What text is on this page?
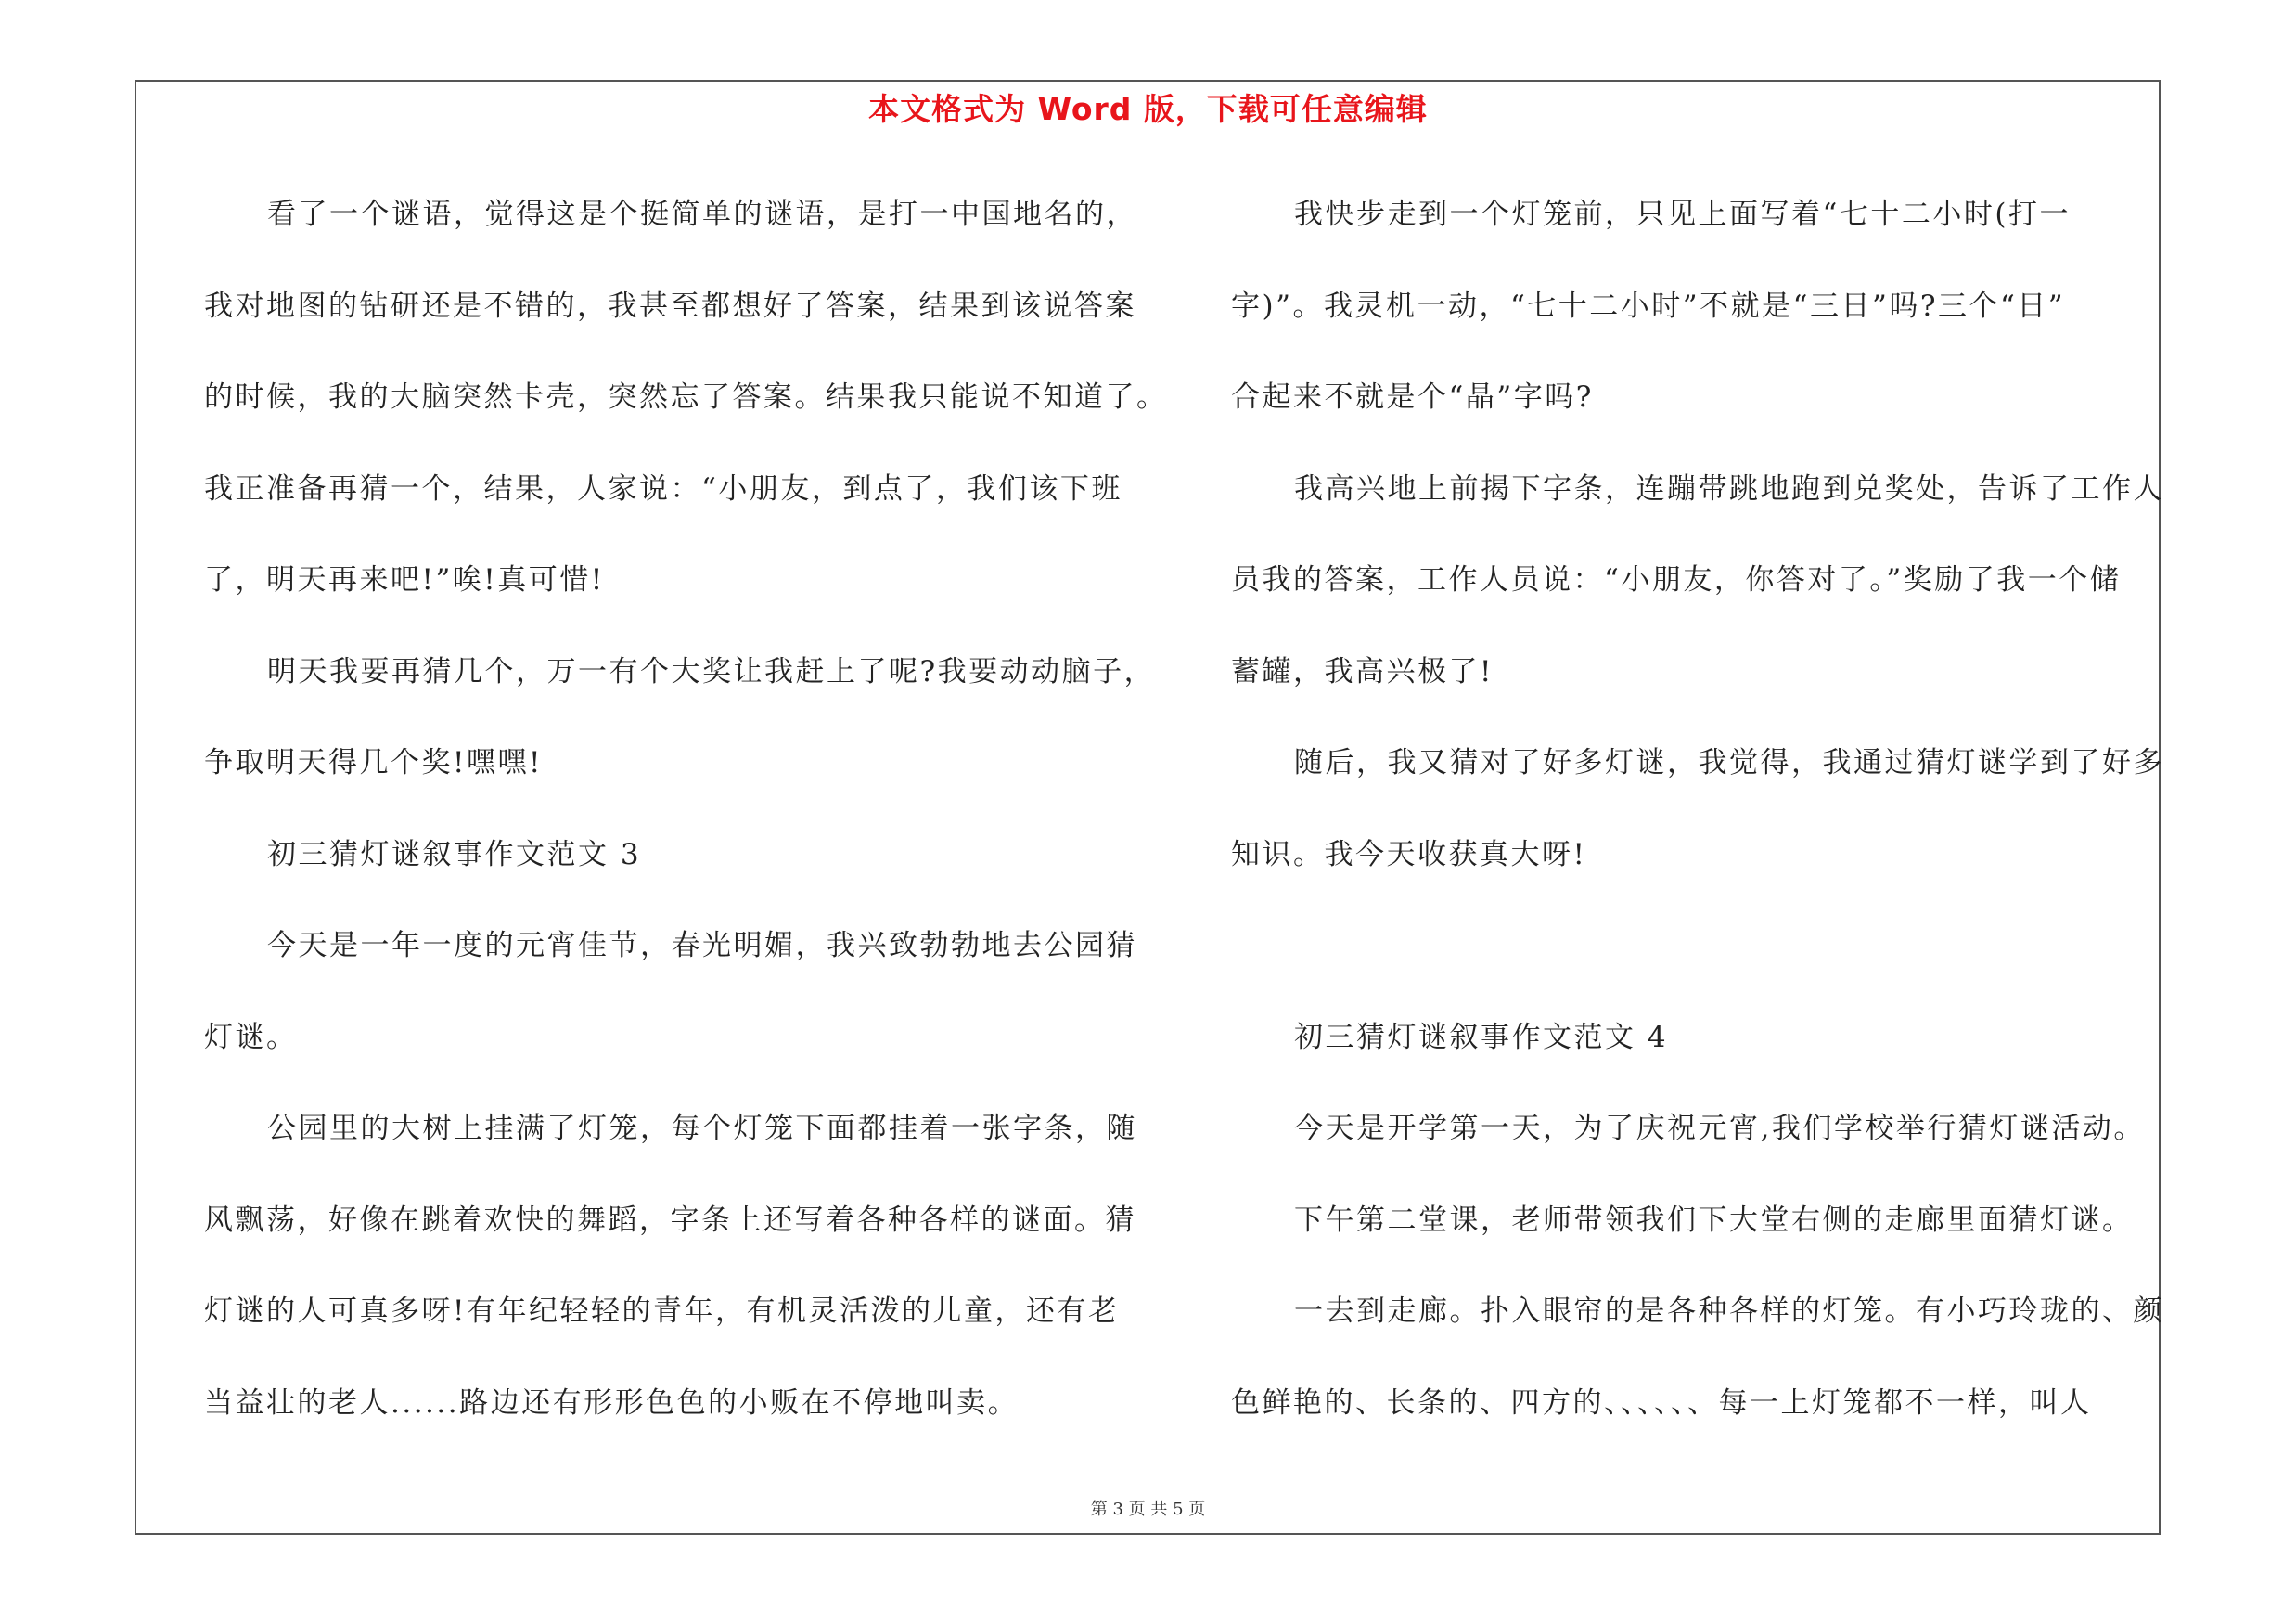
本文格式为 Word 版，下载可任意编辑
看了一个谜语，觉得这是个挺简单的谜语，是打一中国地名的，
我对地图的钻研还是不错的，我甚至都想好了答案，结果到该说答案
的时候，我的大脑突然卡壳，突然忘了答案。结果我只能说不知道了。
我正准备再猜一个，结果，人家说：“小朋友，到点了，我们该下班
了，明天再来吧!”唉!真可惜!
明天我要再猜几个，万一有个大奖让我赶上了呢?我要动动脑子，
争取明天得几个奖!嘿嘿!
初三猜灯谜叙事作文范文 3
今天是一年一度的元宵佳节，春光明媚，我兴致勃勃地去公园猜
灯谜。
公园里的大树上挂满了灯笼，每个灯笼下面都挂着一张字条，随
风飘荡，好像在跳着欢快的舞蹈，字条上还写着各种各样的谜面。猜
灯谜的人可真多呀!有年纪轻轻的青年，有机灵活泼的儿童，还有老
当益壮的老人......路边还有形形色色的小贩在不停地叫卖。
我快步走到一个灯笼前，只见上面写着“七十二小时(打一
字)”。我灵机一动，“七十二小时”不就是“三日”吗?三个“日”
合起来不就是个“晶”字吗?
我高兴地上前揭下字条，连蹦带跳地跑到兑奖处，告诉了工作人
员我的答案，工作人员说：“小朋友，你答对了。”奖励了我一个储
蓄罐，我高兴极了!
随后，我又猜对了好多灯谜，我觉得，我通过猜灯谜学到了好多
知识。我今天收获真大呀!
初三猜灯谜叙事作文范文 4
今天是开学第一天，为了庆祝元宵,我们学校举行猜灯谜活动。
下午第二堂课，老师带领我们下大堂右侧的走廊里面猜灯谜。
一去到走廊。扑入眼帘的是各种各样的灯笼。有小巧玲珑的、颜
色鲜艳的、长条的、四方的、、、、、、每一上灯笼都不一样，叫人
第 3 页 共 5 页
